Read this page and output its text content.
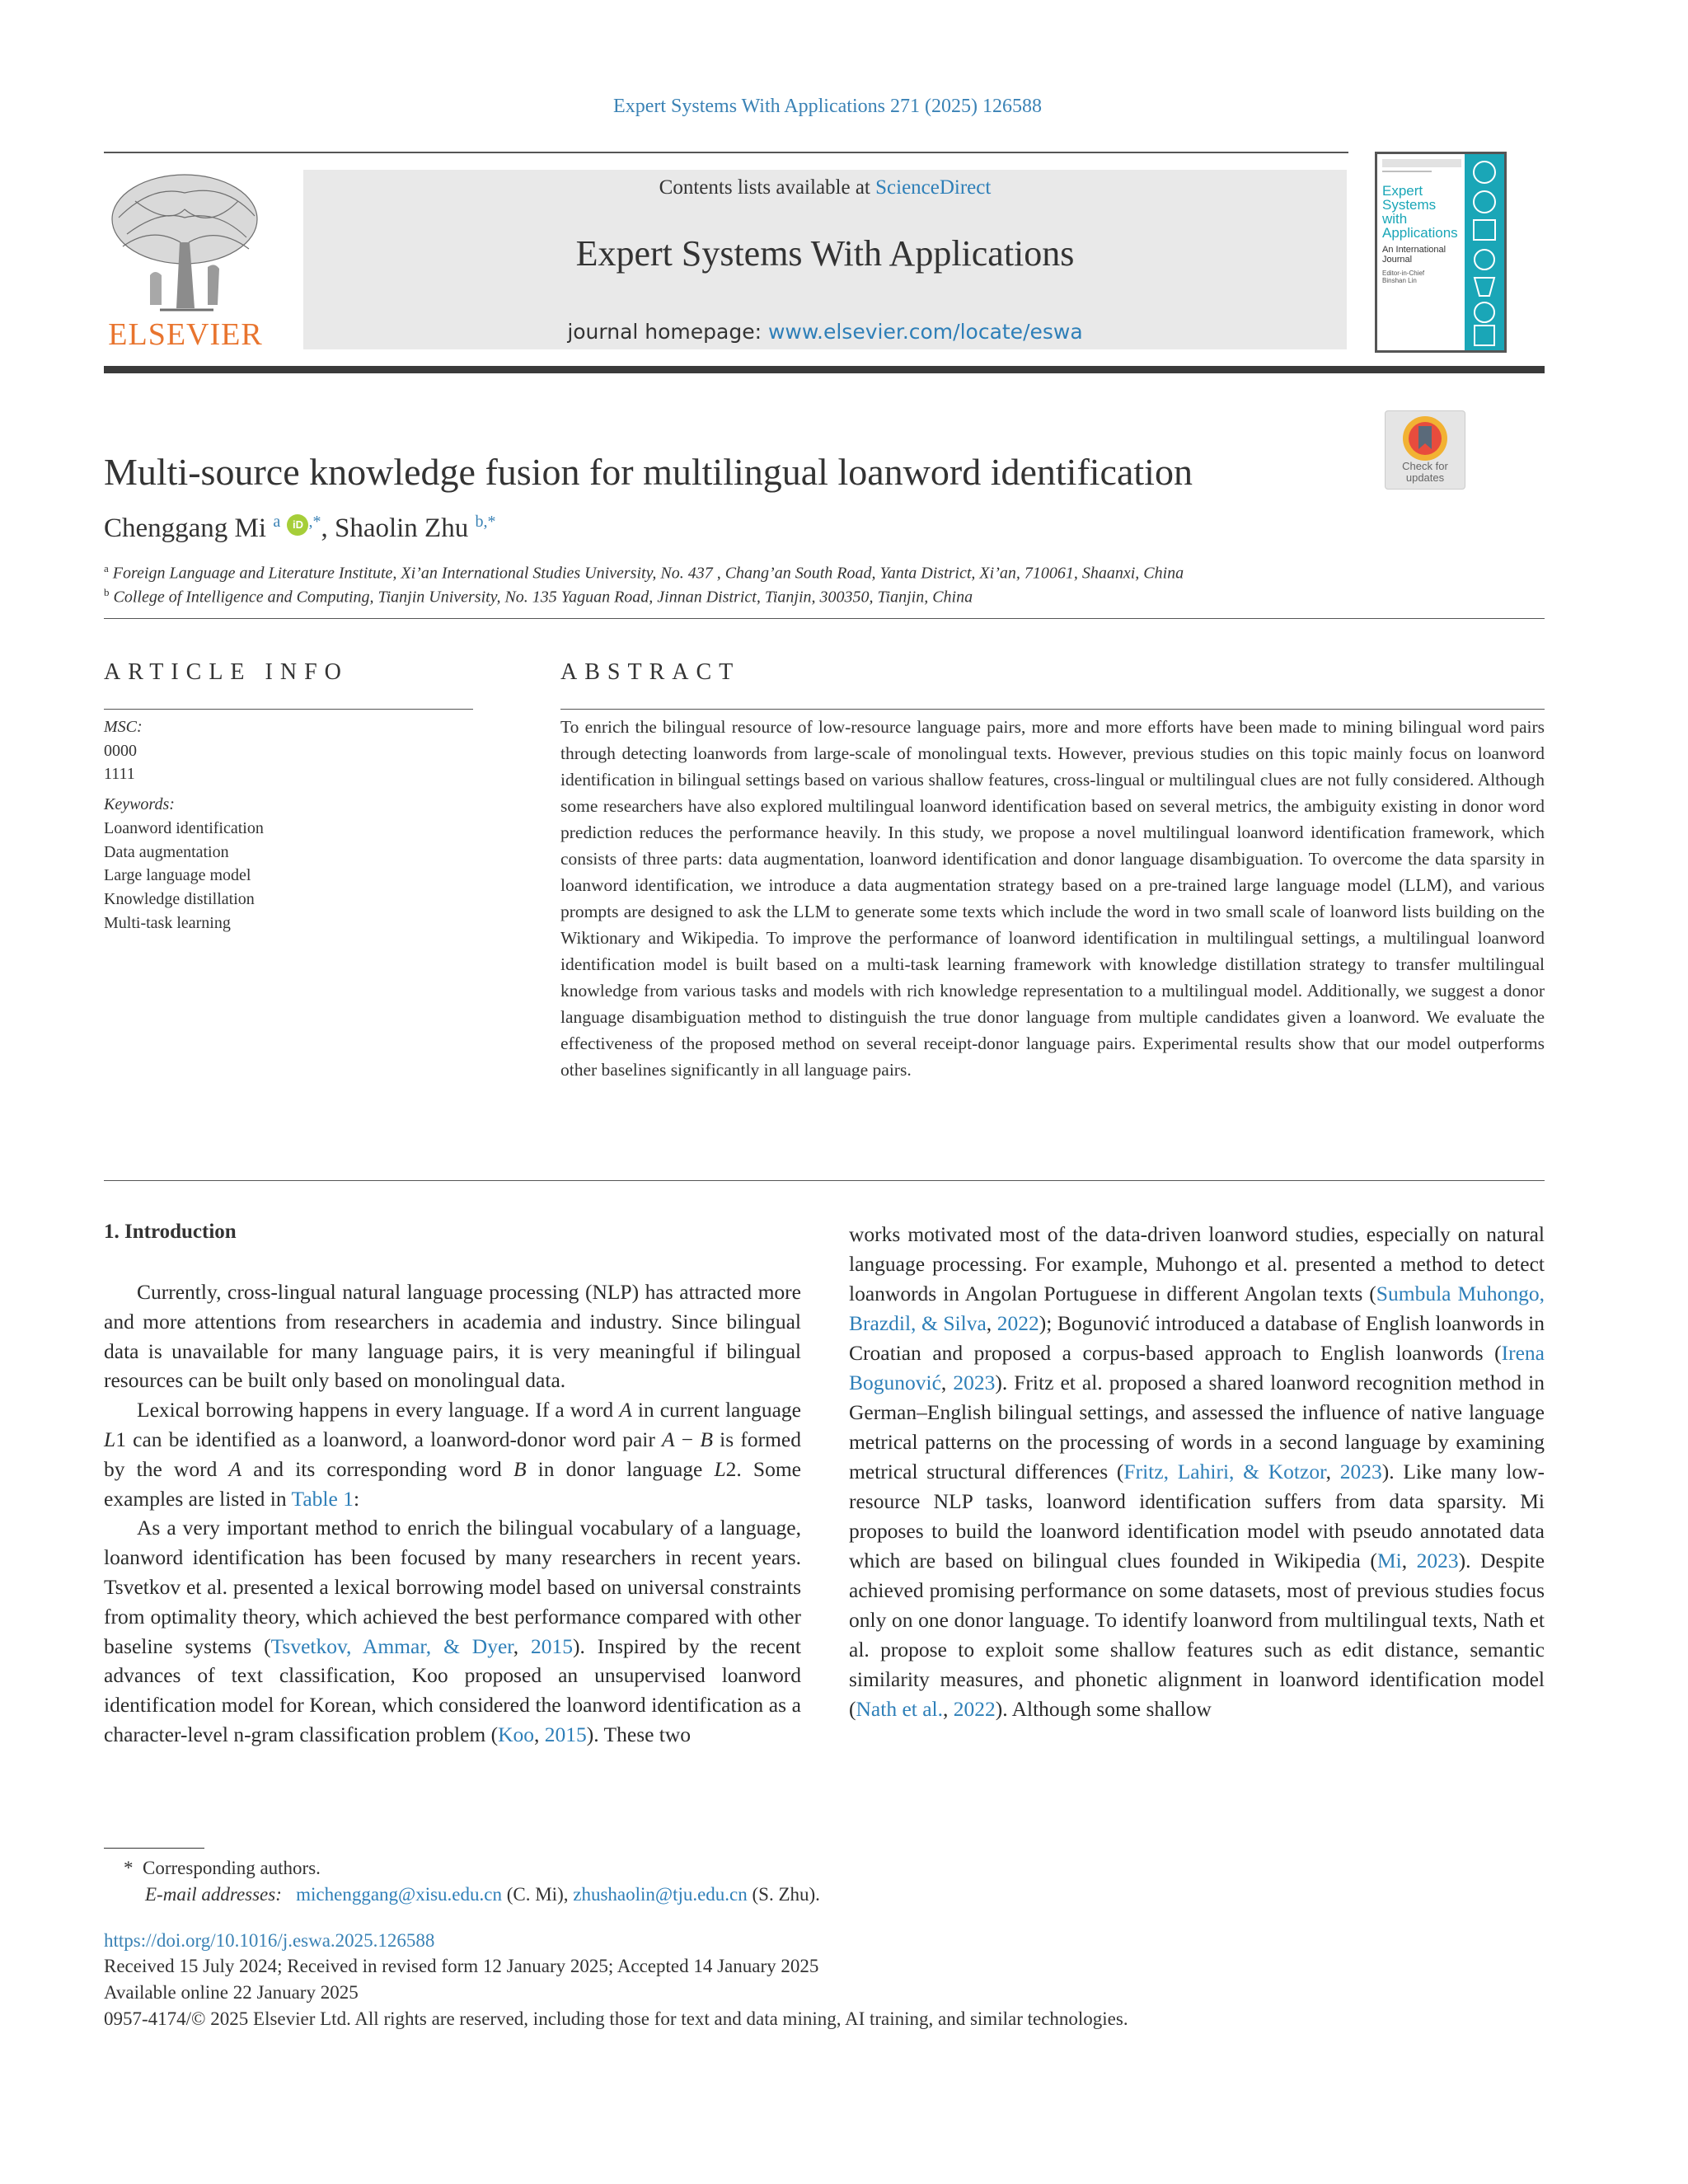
Expert Systems With Applications 271 (2025) 126588
ELSEVIER
Contents lists available at ScienceDirect
Expert Systems With Applications
journal homepage: www.elsevier.com/locate/eswa
Expert
Systems
with
Applications
An International
Journal
Editor-in-Chief
Binshan Lin
Check for
updates
Multi-source knowledge fusion for multilingual loanword identification
Chenggang Mi $^a$ iD ,*, Shaolin Zhu $^{b,*}$
$^a$ Foreign Language and Literature Institute, Xi’an International Studies University, No. 437 , Chang’an South Road, Yanta District, Xi’an, 710061, Shaanxi, China
$^b$ College of Intelligence and Computing, Tianjin University, No. 135 Yaguan Road, Jinnan District, Tianjin, 300350, Tianjin, China
ARTICLE INFO
MSC:
0000
1111
Keywords:
Loanword identification
Data augmentation
Large language model
Knowledge distillation
Multi-task learning
ABSTRACT
To enrich the bilingual resource of low-resource language pairs, more and more efforts have been made to mining bilingual word pairs through detecting loanwords from large-scale of monolingual texts. However, previous studies on this topic mainly focus on loanword identification in bilingual settings based on various shallow features, cross-lingual or multilingual clues are not fully considered. Although some researchers have also explored multilingual loanword identification based on several metrics, the ambiguity existing in donor word prediction reduces the performance heavily. In this study, we propose a novel multilingual loanword identification framework, which consists of three parts: data augmentation, loanword identification and donor language disambiguation. To overcome the data sparsity in loanword identification, we introduce a data augmentation strategy based on a pre-trained large language model (LLM), and various prompts are designed to ask the LLM to generate some texts which include the word in two small scale of loanword lists building on the Wiktionary and Wikipedia. To improve the performance of loanword identification in multilingual settings, a multilingual loanword identification model is built based on a multi-task learning framework with knowledge distillation strategy to transfer multilingual knowledge from various tasks and models with rich knowledge representation to a multilingual model. Additionally, we suggest a donor language disambiguation method to distinguish the true donor language from multiple candidates given a loanword. We evaluate the effectiveness of the proposed method on several receipt-donor language pairs. Experimental results show that our model outperforms other baselines significantly in all language pairs.
1. Introduction

Currently, cross-lingual natural language processing (NLP) has attracted more and more attentions from researchers in academia and industry. Since bilingual data is unavailable for many language pairs, it is very meaningful if bilingual resources can be built only based on monolingual data.

Lexical borrowing happens in every language. If a word A in current language L1 can be identified as a loanword, a loanword-donor word pair A − B is formed by the word A and its corresponding word B in donor language L2. Some examples are listed in Table 1:

As a very important method to enrich the bilingual vocabulary of a language, loanword identification has been focused by many researchers in recent years. Tsvetkov et al. presented a lexical borrowing model based on universal constraints from optimality theory, which achieved the best performance compared with other baseline systems (Tsvetkov, Ammar, & Dyer, 2015). Inspired by the recent advances of text classification, Koo proposed an unsupervised loanword identification model for Korean, which considered the loanword identification as a character-level n-gram classification problem (Koo, 2015). These two

works motivated most of the data-driven loanword studies, especially on natural language processing. For example, Muhongo et al. presented a method to detect loanwords in Angolan Portuguese in different Angolan texts (Sumbula Muhongo, Brazdil, & Silva, 2022); Bogunović introduced a database of English loanwords in Croatian and proposed a corpus-based approach to English loanwords (Irena Bogunović, 2023). Fritz et al. proposed a shared loanword recognition method in German–English bilingual settings, and assessed the influence of native language metrical patterns on the processing of words in a second language by examining metrical structural differences (Fritz, Lahiri, & Kotzor, 2023). Like many low-resource NLP tasks, loanword identification suffers from data sparsity. Mi proposes to build the loanword identification model with pseudo annotated data which are based on bilingual clues founded in Wikipedia (Mi, 2023). Despite achieved promising performance on some datasets, most of previous studies focus only on one donor language. To identify loanword from multilingual texts, Nath et al. propose to exploit some shallow features such as edit distance, semantic similarity measures, and phonetic alignment in loanword identification model (Nath et al., 2022). Although some shallow

* Corresponding authors.
E-mail addresses: michenggang@xisu.edu.cn (C. Mi), zhushaolin@tju.edu.cn (S. Zhu).
https://doi.org/10.1016/j.eswa.2025.126588
Received 15 July 2024; Received in revised form 12 January 2025; Accepted 14 January 2025
Available online 22 January 2025
0957-4174/© 2025 Elsevier Ltd. All rights are reserved, including those for text and data mining, AI training, and similar technologies.
